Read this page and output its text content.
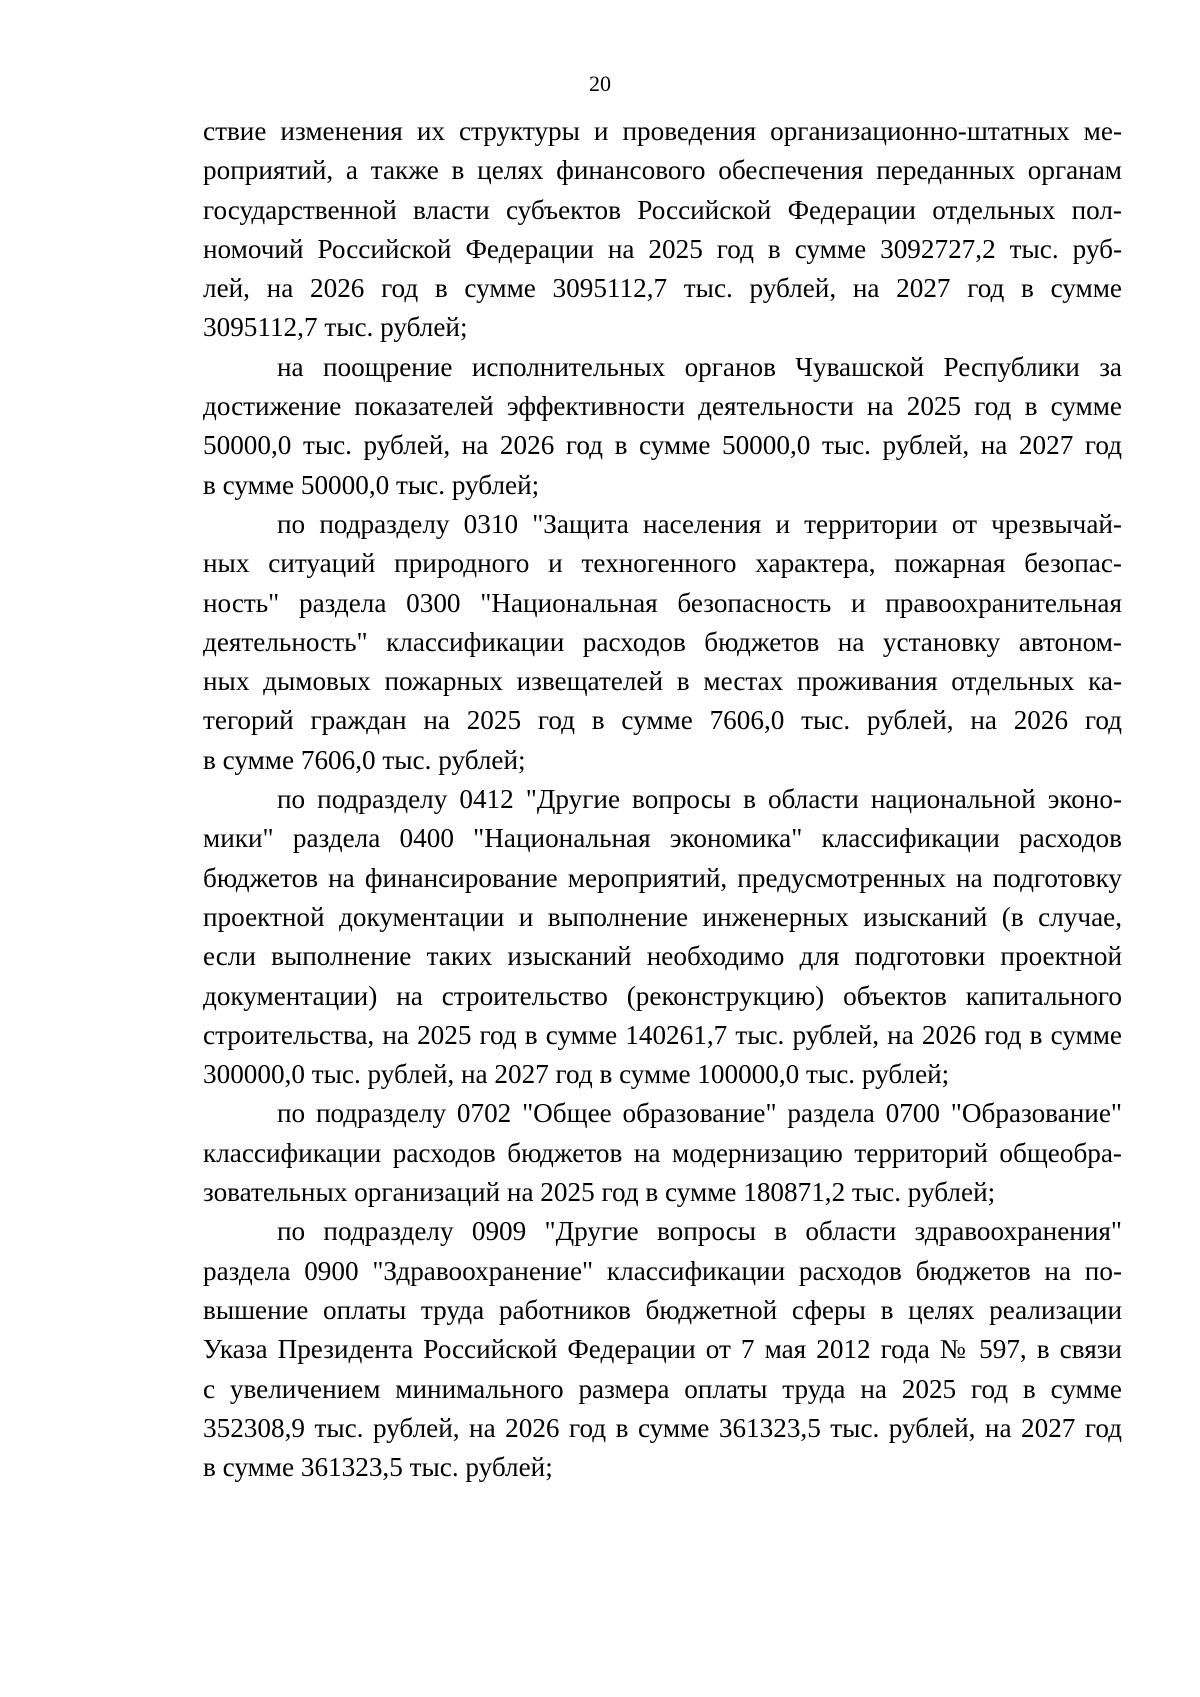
20

ствие изменения их структуры и проведения организационно-штатных ме-
роприятий, а также в целях финансового обеспечения переданных органам
государственной власти субъектов Российской Федерации отдельных пол-
номочий Российской Федерации на 2025 год в сумме 3092727,2 тыс. руб-
лей, на 2026 год в сумме 3095112,7 тыс. рублей, на 2027 год в сумме
3095112,7 тыс. рублей;

на поощрение исполнительных органов Чувашской Республики за
достижение показателей эффективности деятельности на 2025 год в сумме
50000,0 тыс. рублей, на 2026 год в сумме 50000,0 тыс. рублей, на 2027 год
в сумме 50000,0 тыс. рублей;

по подразделу 0310 "Защита населения и территории от чрезвычай-
ных ситуаций природного и техногенного характера, пожарная безопас-
ность" раздела 0300 "Национальная безопасность и правоохранительная
деятельность" классификации расходов бюджетов на установку автоном-
ных дымовых пожарных извещателей в местах проживания отдельных ка-
тегорий граждан на 2025 год в сумме 7606,0 тыс. рублей, на 2026 год
в сумме 7606,0 тыс. рублей;

по подразделу 0412 "Другие вопросы в области национальной эконо-
мики" раздела 0400 "Национальная экономика" классификации расходов
бюджетов на финансирование мероприятий, предусмотренных на подготовку
проектной документации и выполнение инженерных изысканий (в случае,
если выполнение таких изысканий необходимо для подготовки проектной
документации) на строительство (реконструкцию) объектов капитального
строительства, на 2025 год в сумме 140261,7 тыс. рублей, на 2026 год в сумме
300000,0 тыс. рублей, на 2027 год в сумме 100000,0 тыс. рублей;

по подразделу 0702 "Общее образование" раздела 0700 "Образование"
классификации расходов бюджетов на модернизацию территорий общеобра-
зовательных организаций на 2025 год в сумме 180871,2 тыс. рублей;

по подразделу 0909 "Другие вопросы в области здравоохранения"
раздела 0900 "Здравоохранение" классификации расходов бюджетов на по-
вышение оплаты труда работников бюджетной сферы в целях реализации
Указа Президента Российской Федерации от 7 мая 2012 года № 597, в связи
с увеличением минимального размера оплаты труда на 2025 год в сумме
352308,9 тыс. рублей, на 2026 год в сумме 361323,5 тыс. рублей, на 2027 год
в сумме 361323,5 тыс. рублей;
